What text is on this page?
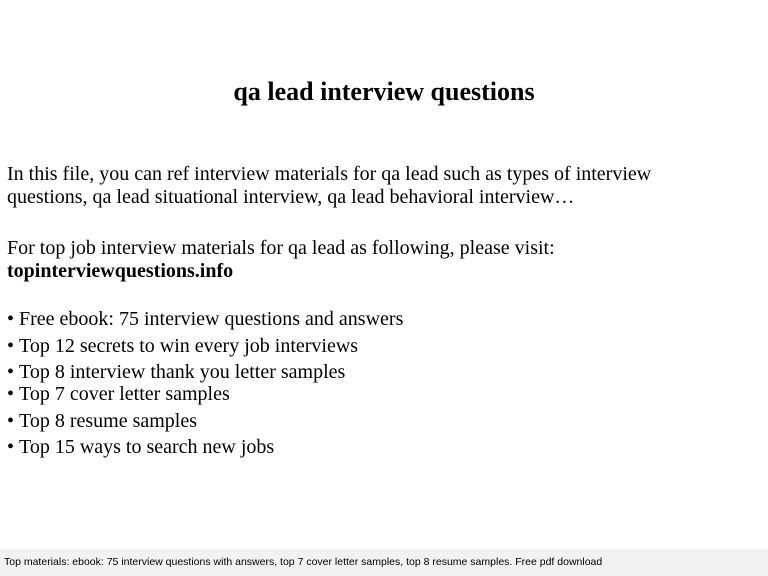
qa lead interview questions

In this file, you can ref interview materials for qa lead such as types of interview
questions, qa lead situational interview, qa lead behavioral interview…

For top job interview materials for qa lead as following, please visit:
topinterviewquestions.info

• Free ebook: 75 interview questions and answers
• Top 12 secrets to win every job interviews
• Top 8 interview thank you letter samples
• Top 7 cover letter samples
• Top 8 resume samples
• Top 15 ways to search new jobs
Top materials: ebook: 75 interview questions with answers, top 7 cover letter samples, top 8 resume samples. Free pdf download
